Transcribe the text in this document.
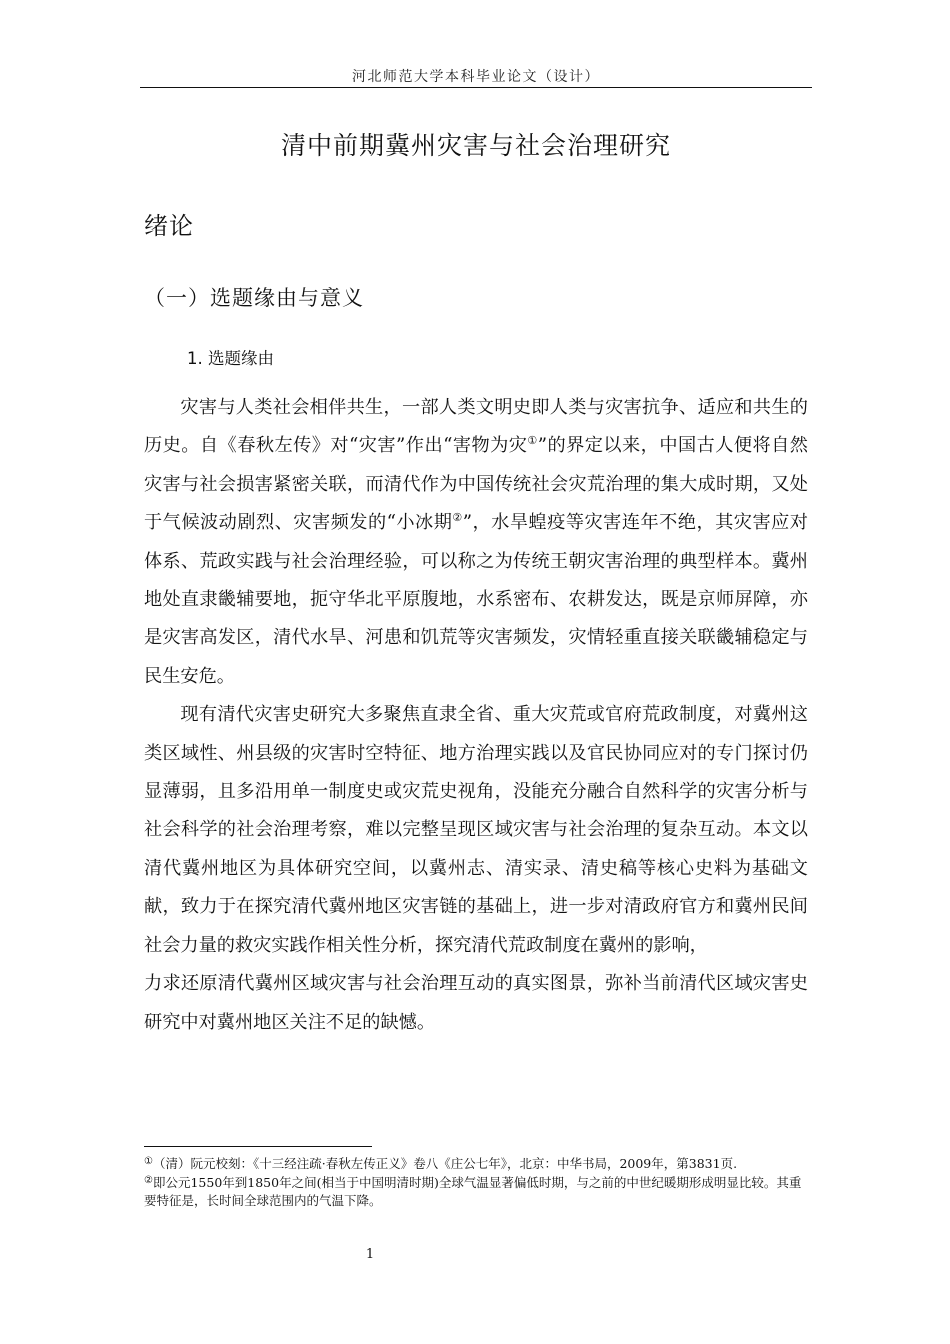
河北师范大学本科毕业论文（设计）
清中前期冀州灾害与社会治理研究
绪论
（一）选题缘由与意义
1. 选题缘由

灾害与人类社会相伴共生，一部人类文明史即人类与灾害抗争、适应和共生的历史。自《春秋左传》对“灾害”作出“害物为灾①”的界定以来，中国古人便将自然灾害与社会损害紧密关联，而清代作为中国传统社会灾荒治理的集大成时期，又处于气候波动剧烈、灾害频发的“小冰期②”，水旱蝗疫等灾害连年不绝，其灾害应对体系、荒政实践与社会治理经验，可以称之为传统王朝灾害治理的典型样本。冀州地处直隶畿辅要地，扼守华北平原腹地，水系密布、农耕发达，既是京师屏障，亦是灾害高发区，清代水旱、河患和饥荒等灾害频发，灾情轻重直接关联畿辅稳定与民生安危。

现有清代灾害史研究大多聚焦直隶全省、重大灾荒或官府荒政制度，对冀州这类区域性、州县级的灾害时空特征、地方治理实践以及官民协同应对的专门探讨仍显薄弱，且多沿用单一制度史或灾荒史视角，没能充分融合自然科学的灾害分析与社会科学的社会治理考察，难以完整呈现区域灾害与社会治理的复杂互动。本文以清代冀州地区为具体研究空间，以冀州志、清实录、清史稿等核心史料为基础文献，致力于在探究清代冀州地区灾害链的基础上，进一步对清政府官方和冀州民间社会力量的救灾实践作相关性分析，探究清代荒政制度在冀州的影响，

力求还原清代冀州区域灾害与社会治理互动的真实图景，弥补当前清代区域灾害史研究中对冀州地区关注不足的缺憾。

①（清）阮元校刻：《十三经注疏·春秋左传正义》卷八《庄公七年》，北京：中华书局，2009年，第3831页.

②即公元1550年到1850年之间(相当于中国明清时期)全球气温显著偏低时期，与之前的中世纪暖期形成明显比较。其重要特征是，长时间全球范围内的气温下降。

1
